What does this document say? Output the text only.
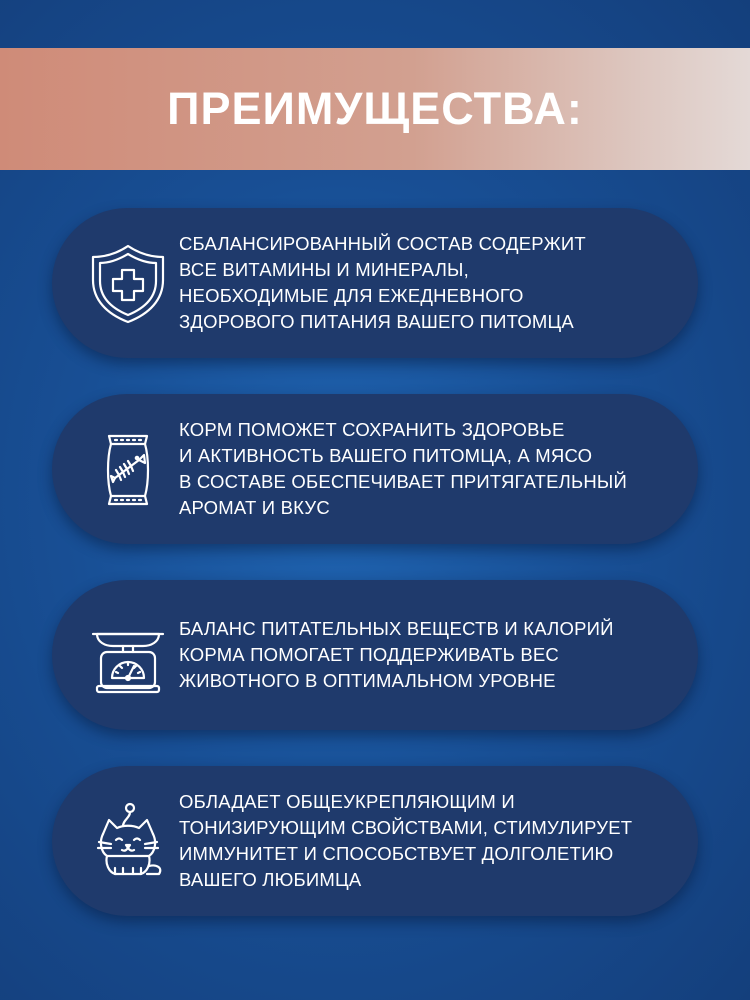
ПРЕИМУЩЕСТВА:

СБАЛАНСИРОВАННЫЙ СОСТАВ СОДЕРЖИТ
ВСЕ ВИТАМИНЫ И МИНЕРАЛЫ,
НЕОБХОДИМЫЕ ДЛЯ ЕЖЕДНЕВНОГО
ЗДОРОВОГО ПИТАНИЯ ВАШЕГО ПИТОМЦА

КОРМ ПОМОЖЕТ СОХРАНИТЬ ЗДОРОВЬЕ
И АКТИВНОСТЬ ВАШЕГО ПИТОМЦА, А МЯСО
В СОСТАВЕ ОБЕСПЕЧИВАЕТ ПРИТЯГАТЕЛЬНЫЙ
АРОМАТ И ВКУС

БАЛАНС ПИТАТЕЛЬНЫХ ВЕЩЕСТВ И КАЛОРИЙ
КОРМА ПОМОГАЕТ ПОДДЕРЖИВАТЬ ВЕС
ЖИВОТНОГО В ОПТИМАЛЬНОМ УРОВНЕ

ОБЛАДАЕТ ОБЩЕУКРЕПЛЯЮЩИМ И
ТОНИЗИРУЮЩИМ СВОЙСТВАМИ, СТИМУЛИРУЕТ
ИММУНИТЕТ И СПОСОБСТВУЕТ ДОЛГОЛЕТИЮ
ВАШЕГО ЛЮБИМЦА
